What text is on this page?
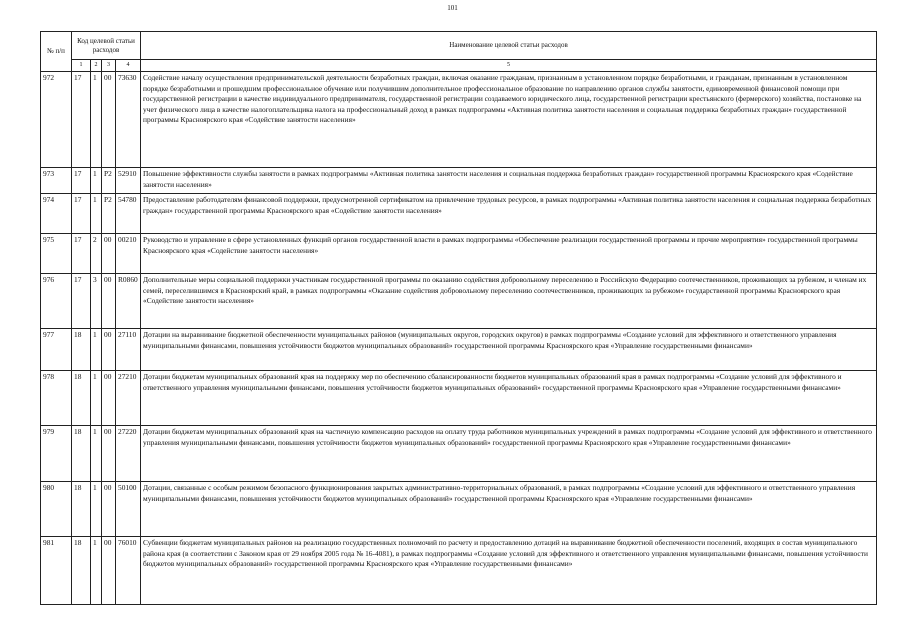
101
№ п/п	Код целевой статьи расходов				Наименование целевой статьи расходов
	1	2	3	4	5
972	17	1	00	73630	Содействие началу осуществления предпринимательской деятельности безработных граждан, включая оказание гражданам, признанным в установленном порядке безработными, и гражданам, признанным в установленном порядке безработными и прошедшим профессиональное обучение или получившим дополнительное профессиональное образование по направлению органов службы занятости, единовременной финансовой помощи при государственной регистрации в качестве индивидуального предпринимателя, государственной регистрации создаваемого юридического лица, государственной регистрации крестьянского (фермерского) хозяйства, постановке на учет физического лица в качестве налогоплательщика налога на профессиональный доход в рамках подпрограммы «Активная политика занятости населения и социальная поддержка безработных граждан» государственной программы Красноярского края «Содействие занятости населения»
973	17	1	P2	52910	Повышение эффективности службы занятости в рамках подпрограммы «Активная политика занятости населения и социальная поддержка безработных граждан» государственной программы Красноярского края «Содействие занятости населения»
974	17	1	P2	54780	Предоставление работодателям финансовой поддержки, предусмотренной сертификатом на привлечение трудовых ресурсов, в рамках подпрограммы «Активная политика занятости населения и социальная поддержка безработных граждан» государственной программы Красноярского края «Содействие занятости населения»
975	17	2	00	00210	Руководство и управление в сфере установленных функций органов государственной власти в рамках подпрограммы «Обеспечение реализации государственной программы и прочие мероприятия» государственной программы Красноярского края «Содействие занятости населения»
976	17	3	00	R0860	Дополнительные меры социальной поддержки участникам государственной программы по оказанию содействия добровольному переселению в Российскую Федерацию соотечественников, проживающих за рубежом, и членам их семей, переселившимся в Красноярский край, в рамках подпрограммы «Оказание содействия добровольному переселению соотечественников, проживающих за рубежом» государственной программы Красноярского края «Содействие занятости населения»
977	18	1	00	27110	Дотации на выравнивание бюджетной обеспеченности муниципальных районов (муниципальных округов, городских округов) в рамках подпрограммы «Создание условий для эффективного и ответственного управления муниципальными финансами, повышения устойчивости бюджетов муниципальных образований» государственной программы Красноярского края «Управление государственными финансами»
978	18	1	00	27210	Дотации бюджетам муниципальных образований края на поддержку мер по обеспечению сбалансированности бюджетов муниципальных образований края в рамках подпрограммы «Создание условий для эффективного и ответственного управления муниципальными финансами, повышения устойчивости бюджетов муниципальных образований» государственной программы Красноярского края «Управление государственными финансами»
979	18	1	00	27220	Дотации бюджетам муниципальных образований края на частичную компенсацию расходов на оплату труда работников муниципальных учреждений в рамках подпрограммы «Создание условий для эффективного и ответственного управления муниципальными финансами, повышения устойчивости бюджетов муниципальных образований» государственной программы Красноярского края «Управление государственными финансами»
980	18	1	00	50100	Дотации, связанные с особым режимом безопасного функционирования закрытых административно-территориальных образований, в рамках подпрограммы «Создание условий для эффективного и ответственного управления муниципальными финансами, повышения устойчивости бюджетов муниципальных образований» государственной программы Красноярского края «Управление государственными финансами»
981	18	1	00	76010	Субвенции бюджетам муниципальных районов на реализацию государственных полномочий по расчету и предоставлению дотаций на выравнивание бюджетной обеспеченности поселений, входящих в состав муниципального района края (в соответствии с Законом края от 29 ноября 2005 года № 16-4081), в рамках подпрограммы «Создание условий для эффективного и ответственного управления муниципальными финансами, повышения устойчивости бюджетов муниципальных образований» государственной программы Красноярского края «Управление государственными финансами»
